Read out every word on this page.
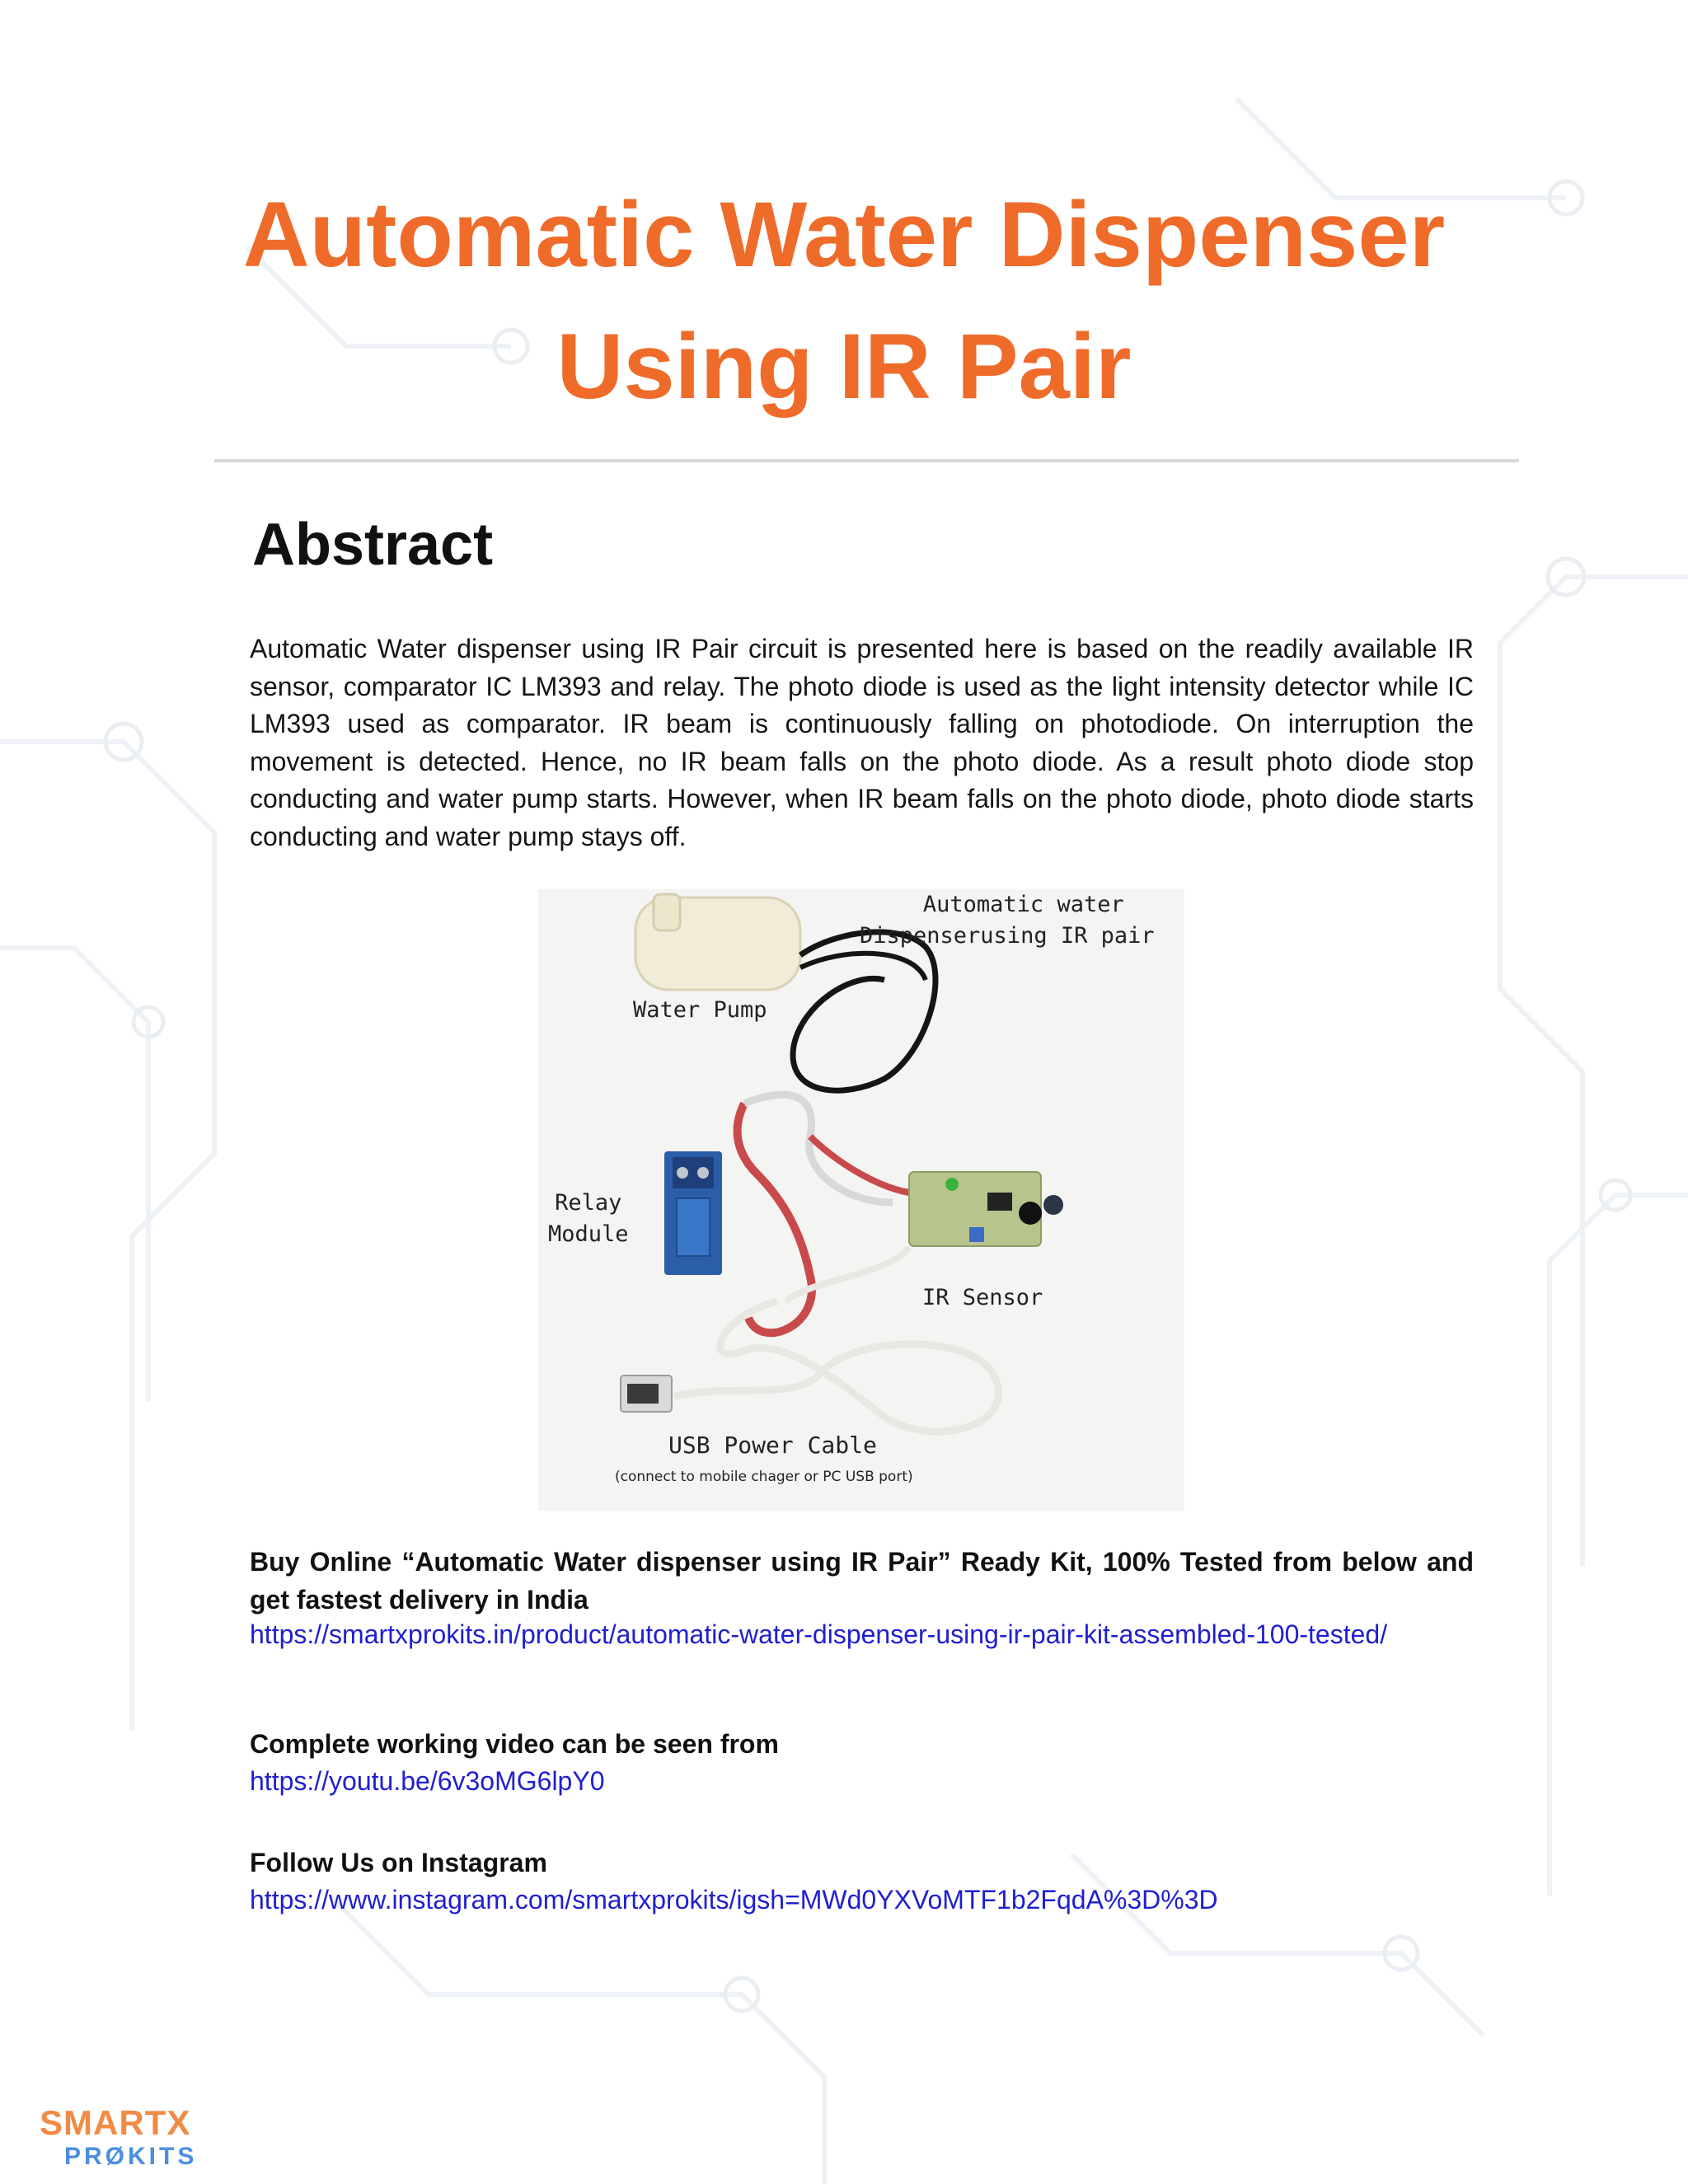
Automatic Water Dispenser
Using IR Pair
Abstract
Automatic Water dispenser using IR Pair circuit is presented here is based on the readily available IR sensor, comparator IC LM393 and relay. The photo diode is used as the light intensity detector while IC LM393 used as comparator. IR beam is continuously falling on photodiode. On interruption the movement is detected. Hence, no IR beam falls on the photo diode. As a result photo diode stop conducting and water pump starts. However, when IR beam falls on the photo diode, photo diode starts conducting and water pump stays off.
Automatic water
Dispenserusing IR pair
Water Pump
Relay
Module
IR Sensor
USB Power Cable
(connect to mobile chager or PC USB port)
Buy Online “Automatic Water dispenser using IR Pair” Ready Kit, 100% Tested from below and get fastest delivery in India
https://smartxprokits.in/product/automatic-water-dispenser-using-ir-pair-kit-assembled-100-tested/
Complete working video can be seen from
https://youtu.be/6v3oMG6lpY0
Follow Us on Instagram
https://www.instagram.com/smartxprokits/igsh=MWd0YXVoMTF1b2FqdA%3D%3D
SMARTX
PRØKITS
